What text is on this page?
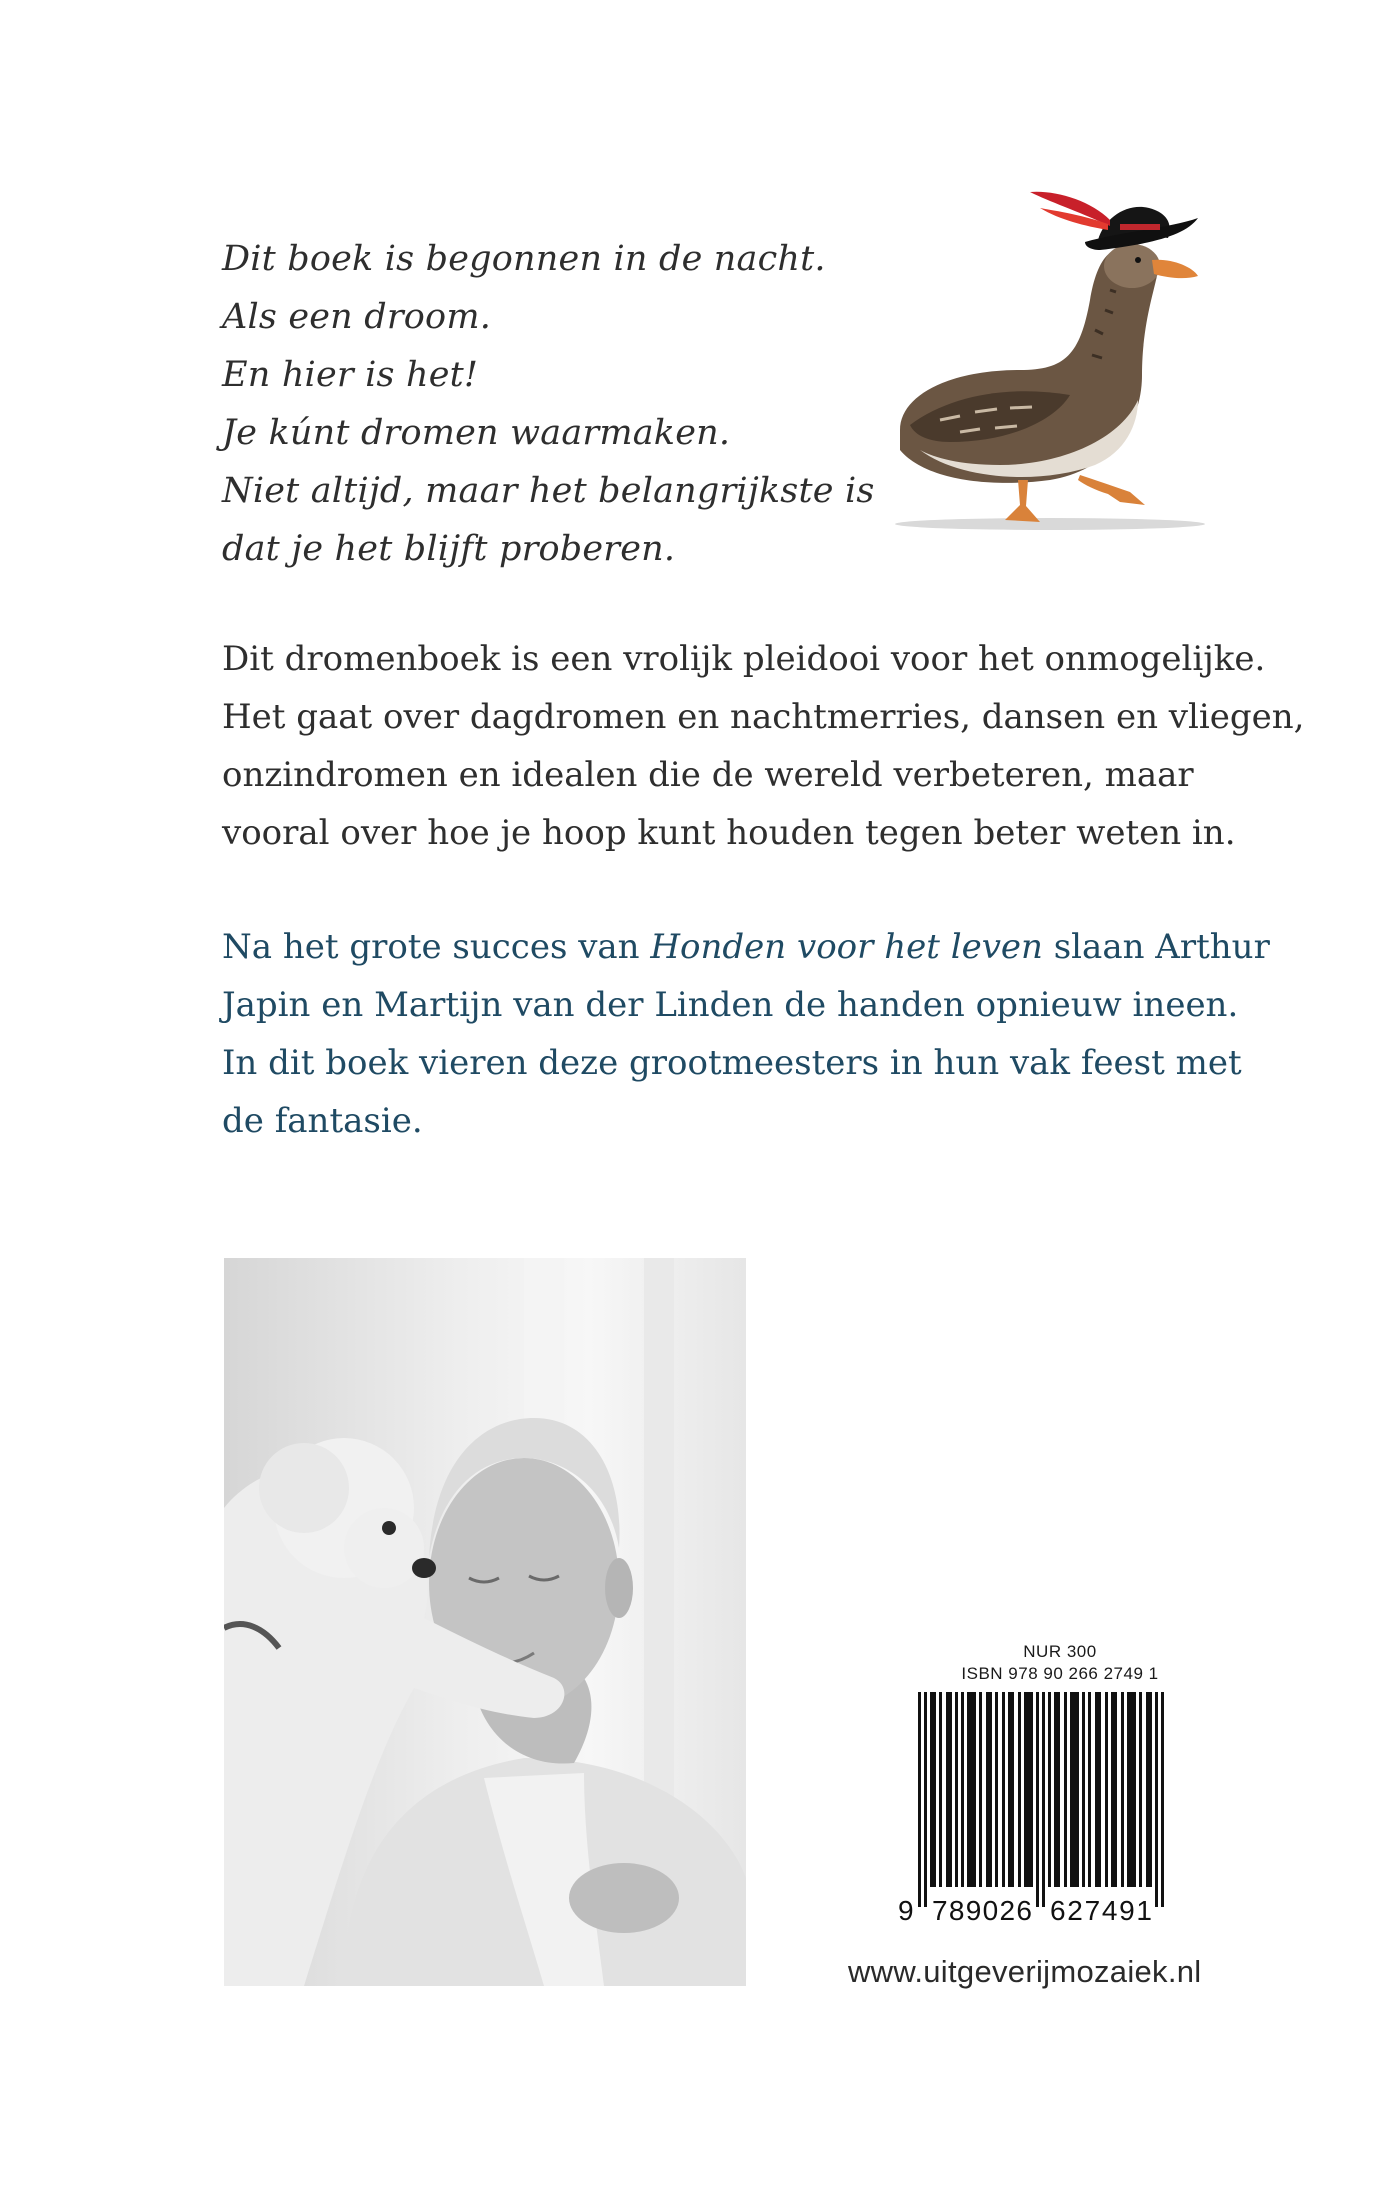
Dit boek is begonnen in de nacht.
Als een droom.
En hier is het!
Je kúnt dromen waarmaken.
Niet altijd, maar het belangrijkste is
dat je het blijft proberen.
Dit dromenboek is een vrolijk pleidooi voor het onmogelijke.
Het gaat over dagdromen en nachtmerries, dansen en vliegen,
onzindromen en idealen die de wereld verbeteren, maar
vooral over hoe je hoop kunt houden tegen beter weten in.
Na het grote succes van Honden voor het leven slaan Arthur
Japin en Martijn van der Linden de handen opnieuw ineen.
In dit boek vieren deze grootmeesters in hun vak feest met
de fantasie.
NUR 300
ISBN 978 90 266 2749 1
9 789026 627491
www.uitgeverijmozaiek.nl
